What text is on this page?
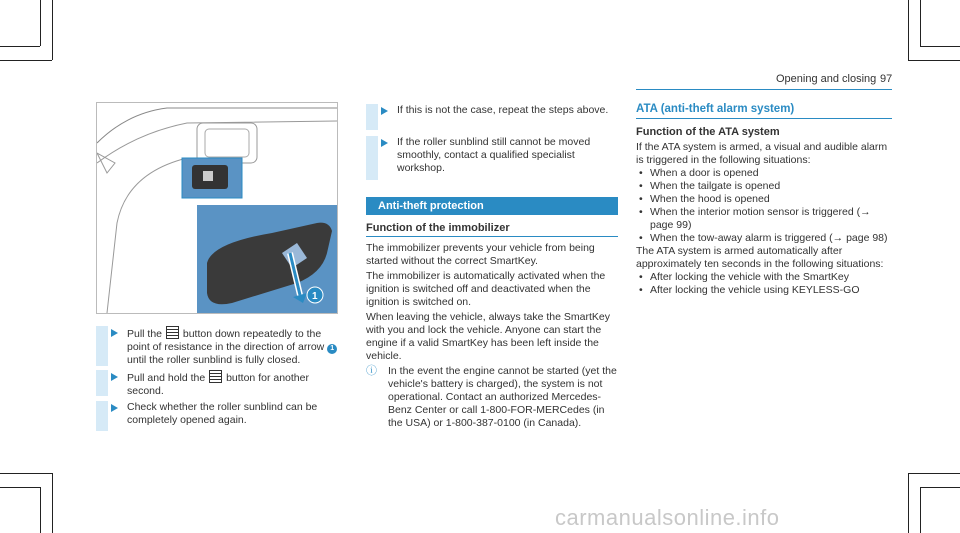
Opening and closing 97
1
Pull the button down repeatedly to the point of resistance in the direction of arrow 1 until the roller sunblind is fully closed.
Pull and hold the button for another second.
Check whether the roller sunblind can be completely opened again.
If this is not the case, repeat the steps above.
If the roller sunblind still cannot be moved smoothly, contact a qualified specialist workshop.
Anti-theft protection
Function of the immobilizer

The immobilizer prevents your vehicle from being started without the correct SmartKey.

The immobilizer is automatically activated when the ignition is switched off and deactivated when the ignition is switched on.

When leaving the vehicle, always take the SmartKey with you and lock the vehicle. Anyone can start the engine if a valid SmartKey has been left inside the vehicle.

ⓘ In the event the engine cannot be started (yet the vehicle's battery is charged), the system is not operational. Contact an authorized Mercedes-Benz Center or call 1-800-FOR-MERCedes (in the USA) or 1-800-387-0100 (in Canada).
ATA (anti-theft alarm system)
Function of the ATA system

If the ATA system is armed, a visual and audible alarm is triggered in the following situations:

• When a door is opened
• When the tailgate is opened
• When the hood is opened
• When the interior motion sensor is triggered (→ page 99)
• When the tow-away alarm is triggered (→ page 98)

The ATA system is armed automatically after approximately ten seconds in the following situations:

• After locking the vehicle with the SmartKey
• After locking the vehicle using KEYLESS-GO
carmanualsonline.info
